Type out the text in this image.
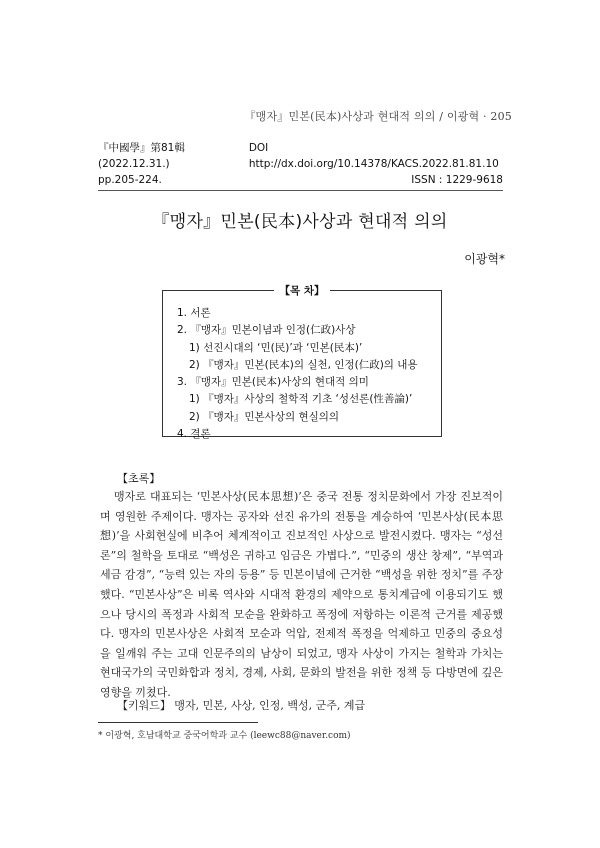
『맹자』민본(民本)사상과 현대적 의의 / 이광혁 · 205
『中國學』第81輯 (2022.12.31.)
DOI http://dx.doi.org/10.14378/KACS.2022.81.81.10
pp.205-224.	ISSN : 1229-9618
『맹자』민본(民本)사상과 현대적 의의
이광혁*
【목 차】
1. 서론
2. 『맹자』민본이념과 인정(仁政)사상
1) 선진시대의 ‘민(民)’과 ‘민본(民本)’
2) 『맹자』민본(民本)의 실천, 인정(仁政)의 내용
3. 『맹자』민본(民本)사상의 현대적 의미
1) 『맹자』사상의 철학적 기초 ‘성선론(性善論)’
2) 『맹자』민본사상의 현실의의
4. 결론
【초록】
맹자로 대표되는 ‘민본사상(民本思想)’은 중국 전통 정치문화에서 가장 진보적이며 영원한 주제이다. 맹자는 공자와 선진 유가의 전통을 계승하여 ‘민본사상(民本思想)’을 사회현실에 비추어 체계적이고 진보적인 사상으로 발전시켰다. 맹자는 “성선론”의 철학을 토대로 “백성은 귀하고 임금은 가볍다.”, “민중의 생산 창제”, “부역과 세금 감경”, “능력 있는 자의 등용” 등 민본이념에 근거한 “백성을 위한 정치”를 주장했다. “민본사상”은 비록 역사와 시대적 환경의 제약으로 통치계급에 이용되기도 했으나 당시의 폭정과 사회적 모순을 완화하고 폭정에 저항하는 이론적 근거를 제공했다. 맹자의 민본사상은 사회적 모순과 억압, 전제적 폭정을 억제하고 민중의 중요성을 일깨워 주는 고대 인문주의의 남상이 되었고, 맹자 사상이 가지는 철학과 가치는 현대국가의 국민화합과 정치, 경제, 사회, 문화의 발전을 위한 정책 등 다방면에 깊은 영향을 끼쳤다.
【키워드】 맹자, 민본, 사상, 인정, 백성, 군주, 계급
* 이광혁, 호남대학교 중국어학과 교수 (leewc88@naver.com)
